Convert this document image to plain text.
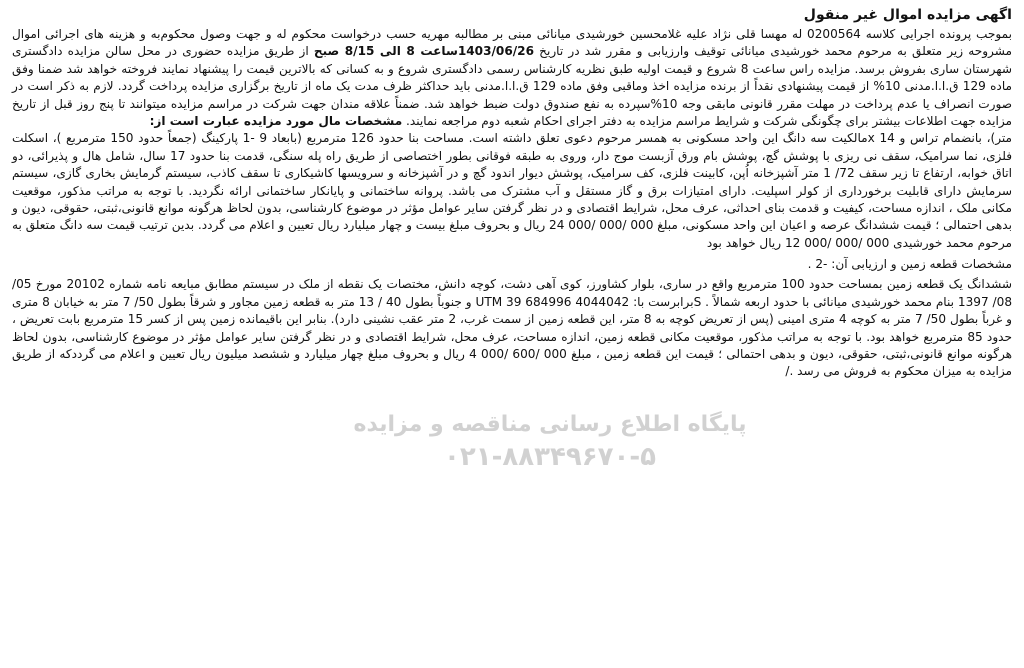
اگهی مزایده اموال غیر منقول

بموجب پرونده اجرایی کلاسه 0200564 له مهسا قلی نژاد علیه غلامحسین خورشیدی میانائی مبنی بر مطالبه مهریه حسب درخواست محکوم له و جهت وصول محکوم‌به و هزینه های اجرائی اموال مشروحه زیر متعلق به مرحوم محمد خورشیدی میانائی توقیف وارزیابی و مقرر شد در تاریخ 1403/06/26ساعت 8 الی 8/15 صبح از طریق مزایده حضوری در محل سالن مزایده دادگستری شهرستان ساری بفروش برسد. مزایده راس ساعت 8 شروع و قیمت اولیه طبق نظریه کارشناس رسمی دادگستری شروع و به کسانی که بالاترین قیمت را پیشنهاد نمایند فروخته خواهد شد ضمنا وفق ماده 129 ق.ا.ا.مدنی 10% از قیمت پیشنهادی نقداً از برنده مزایده اخذ وماقبی وفق ماده 129 ق.ا.ا.مدنی باید حداکثر ظرف مدت یک ماه از تاریخ برگزاری مزایده پرداخت گردد. لازم به ذکر است در صورت انصراف یا عدم پرداخت در مهلت مقرر قانونی مابقی وجه 10%سپرده به نفع صندوق دولت ضبط خواهد شد. ضمناً علاقه مندان جهت شرکت در مراسم مزایده میتوانند تا پنج روز قبل از تاریخ مزایده جهت اطلاعات بیشتر برای چگونگی شرکت و شرایط مراسم مزایده به دفتر اجرای احکام شعبه دوم مراجعه نمایند. مشخصات مال مورد مزایده عبارت است از:

متر)، بانضمام تراس و 14 xمالکیت سه دانگ این واحد مسکونی به همسر مرحوم دعوی تعلق داشته است. مساحت بنا حدود 126 مترمربع (بابعاد 9 -1 پارکینگ (جمعاً حدود 150 مترمربع )، اسکلت فلزی، نما سرامیک، سقف نی ریزی با پوشش گچ، پوشش بام ورق آزبست موج دار، وروی به طبقه فوقانی بطور اختصاصی از طریق راه پله سنگی، قدمت بنا حدود 17 سال، شامل هال و پذیرائی، دو اتاق خوابه، ارتفاع تا زیر سقف 72/ 1 متر آشپزخانه اُپن، کابینت فلزی، کف سرامیک، پوشش دیوار اندود گچ و در آشپزخانه و سرویسها کاشیکاری تا سقف کاذب، سیستم گرمایش بخاری گازی، سیستم سرمایش دارای قابلیت برخورداری از کولر اسپلیت. دارای امتیازات برق و گاز مستقل و آب مشترک می باشد. پروانه ساختمانی و پایانکار ساختمانی ارائه نگردید. با توجه به مراتب مذکور، موقعیت مکانی ملک ، اندازه مساحت، کیفیت و قدمت بنای احداثی، عرف محل، شرایط اقتصادی و در نظر گرفتن سایر عوامل مؤثر در موضوع کارشناسی، بدون لحاظ هرگونه موانع قانونی،ثبتی، حقوقی، دیون و بدهی احتمالی ؛ قیمت ششدانگ عرصه و اعیان این واحد مسکونی، مبلغ 000 /000 /000 24 ریال و بحروف مبلغ بیست و چهار میلیارد ریال تعیین و اعلام می گردد. بدین ترتیب قیمت سه دانگ متعلق به مرحوم محمد خورشیدی 000 /000 /000 12 ریال خواهد بود

مشخصات قطعه زمین و ارزیابی آن: -2 .

ششدانگ یک قطعه زمین بمساحت حدود 100 مترمربع واقع در ساری، بلوار کشاورز، کوی آهی دشت، کوچه دانش، مختصات یک نقطه از ملک در سیستم مطابق مبایعه نامه شماره 20102 مورخ 05/ 08/ 1397 بنام محمد خورشیدی میانائی با حدود اربعه شمالاً . Sبرابرست با: UTM 39 684996 4044042 و جنوباً بطول 40 / 13 متر به قطعه زمین مجاور و شرقاً بطول 50/ 7 متر به خیابان 8 متری و غرباً بطول 50/ 7 متر به کوچه 4 متری امینی (پس از تعریض کوچه به 8 متر، این قطعه زمین از سمت غرب، 2 متر عقب نشینی دارد). بنابر این باقیمانده زمین پس از کسر 15 مترمربع بابت تعریض ، حدود 85 مترمربع خواهد بود. با توجه به مراتب مذکور، موقعیت مکانی قطعه زمین، اندازه مساحت، عرف محل، شرایط اقتصادی و در نظر گرفتن سایر عوامل مؤثر در موضوع کارشناسی، بدون لحاظ هرگونه موانع قانونی،ثبتی، حقوقی، دیون و بدهی احتمالی ؛ قیمت این قطعه زمین ، مبلغ 000 /600 /000 4 ریال و بحروف مبلغ چهار میلیارد و ششصد میلیون ریال تعیین و اعلام می گرددکه از طریق مزایده به میزان محکوم به فروش می رسد ./

پایگاه اطلاع رسانی مناقصه و مزایده
۰۲۱-۸۸۳۴۹۶۷۰-۵
